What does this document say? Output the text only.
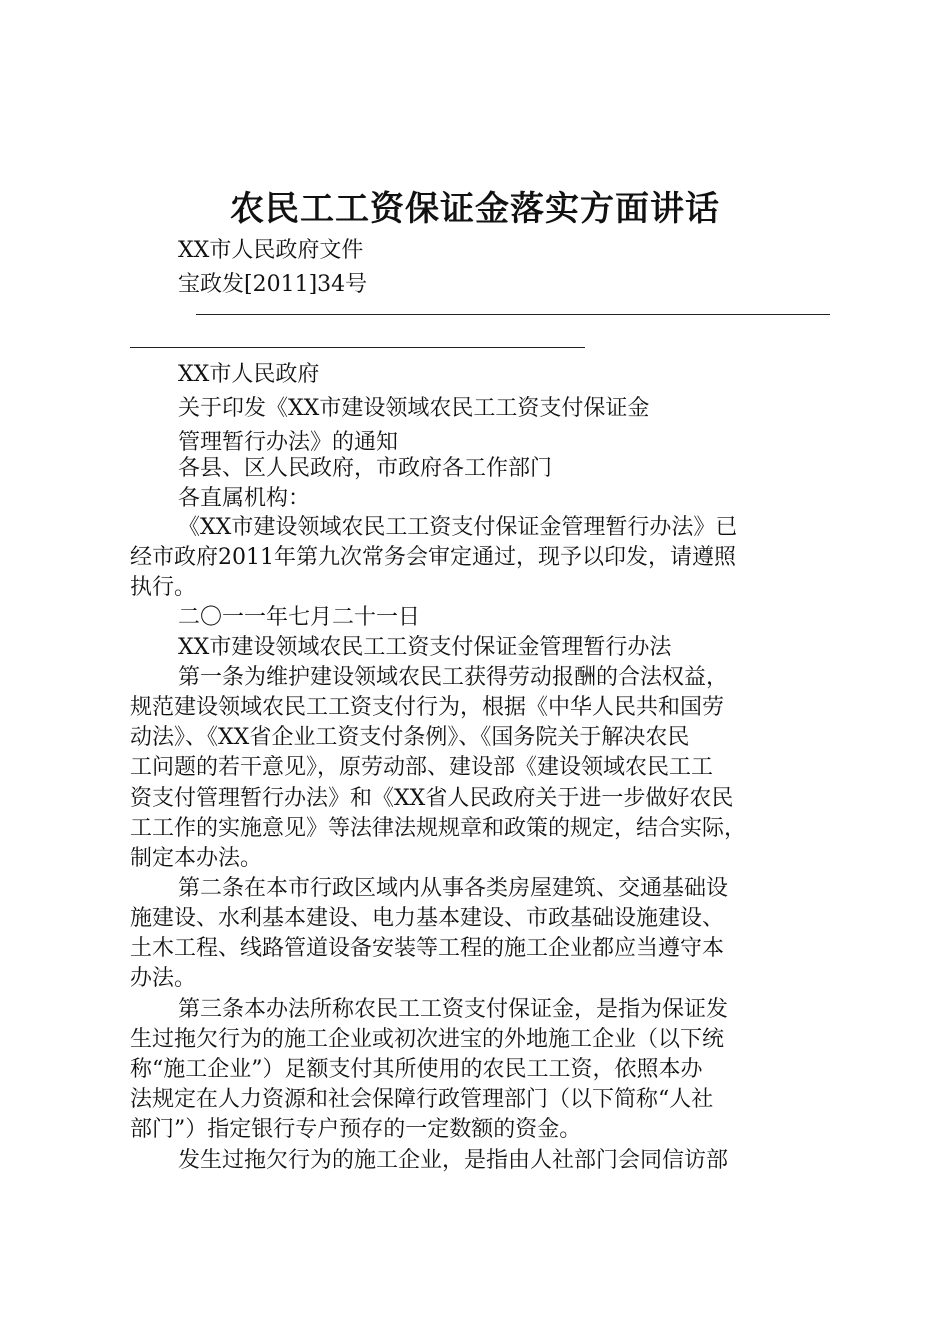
农民工工资保证金落实方面讲话
XX市人民政府文件
宝政发[2011]34号
XX市人民政府
关于印发《XX市建设领域农民工工资支付保证金
管理暂行办法》的通知
各县、区人民政府，市政府各工作部门
各直属机构：
《XX市建设领域农民工工资支付保证金管理暂行办法》已
经市政府2011年第九次常务会审定通过，现予以印发，请遵照
执行。
二〇一一年七月二十一日
XX市建设领域农民工工资支付保证金管理暂行办法
第一条为维护建设领域农民工获得劳动报酬的合法权益，
规范建设领域农民工工资支付行为，根据《中华人民共和国劳
动法》、《XX省企业工资支付条例》、《国务院关于解决农民
工问题的若干意见》，原劳动部、建设部《建设领域农民工工
资支付管理暂行办法》和《XX省人民政府关于进一步做好农民
工工作的实施意见》等法律法规规章和政策的规定，结合实际，
制定本办法。
第二条在本市行政区域内从事各类房屋建筑、交通基础设
施建设、水利基本建设、电力基本建设、市政基础设施建设、
土木工程、线路管道设备安装等工程的施工企业都应当遵守本
办法。
第三条本办法所称农民工工资支付保证金，是指为保证发
生过拖欠行为的施工企业或初次进宝的外地施工企业（以下统
称“施工企业”）足额支付其所使用的农民工工资，依照本办
法规定在人力资源和社会保障行政管理部门（以下简称“人社
部门”）指定银行专户预存的一定数额的资金。
发生过拖欠行为的施工企业，是指由人社部门会同信访部
